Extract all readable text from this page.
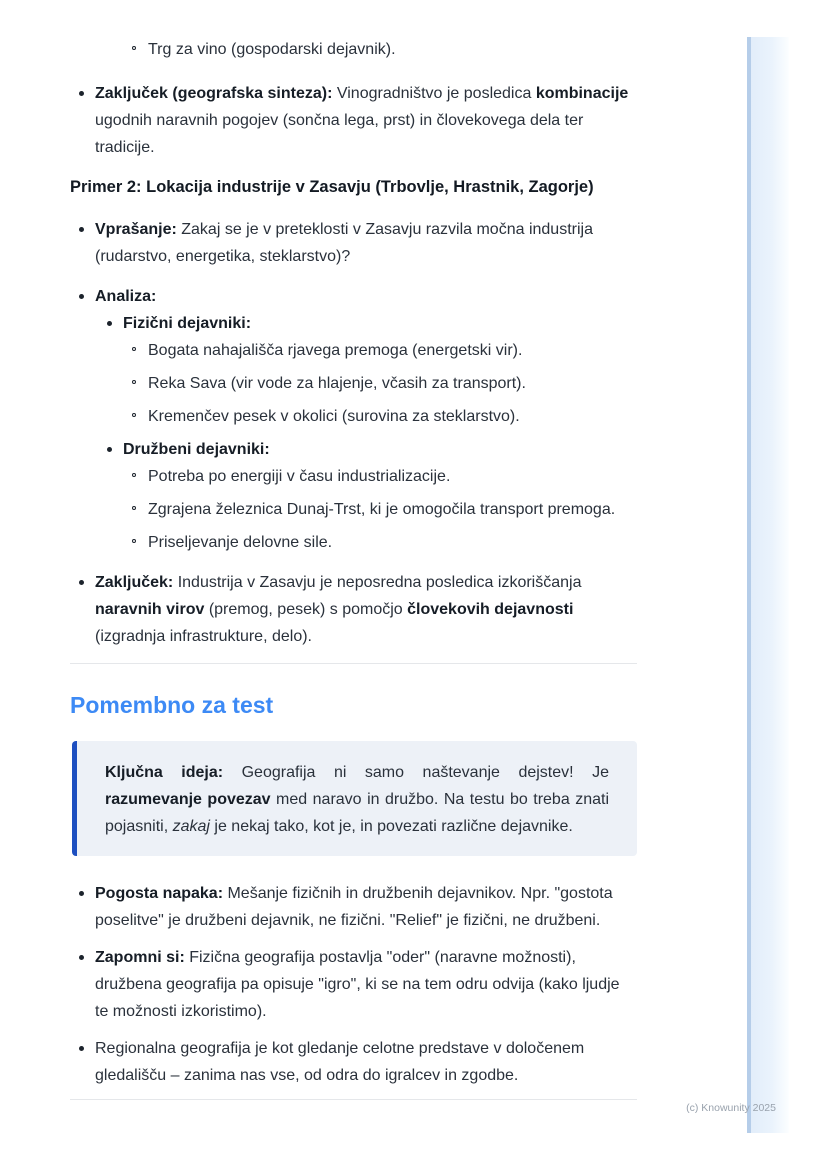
Trg za vino (gospodarski dejavnik).
Zaključek (geografska sinteza): Vinogradništvo je posledica kombinacije ugodnih naravnih pogojev (sončna lega, prst) in človekovega dela ter tradicije.
Primer 2: Lokacija industrije v Zasavju (Trbovlje, Hrastnik, Zagorje)
Vprašanje: Zakaj se je v preteklosti v Zasavju razvila močna industrija (rudarstvo, energetika, steklarstvo)?
Analiza:
Fizični dejavniki:
Bogata nahajališča rjavega premoga (energetski vir).
Reka Sava (vir vode za hlajenje, včasih za transport).
Kremenčev pesek v okolici (surovina za steklarstvo).
Družbeni dejavniki:
Potreba po energiji v času industrializacije.
Zgrajena železnica Dunaj-Trst, ki je omogočila transport premoga.
Priseljevanje delovne sile.
Zaključek: Industrija v Zasavju je neposredna posledica izkoriščanja naravnih virov (premog, pesek) s pomočjo človekovih dejavnosti (izgradnja infrastrukture, delo).
Pomembno za test
Ključna ideja: Geografija ni samo naštevanje dejstev! Je razumevanje povezav med naravo in družbo. Na testu bo treba znati pojasniti, zakaj je nekaj tako, kot je, in povezati različne dejavnike.
Pogosta napaka: Mešanje fizičnih in družbenih dejavnikov. Npr. "gostota poselitve" je družbeni dejavnik, ne fizični. "Relief" je fizični, ne družbeni.
Zapomni si: Fizična geografija postavlja "oder" (naravne možnosti), družbena geografija pa opisuje "igro", ki se na tem odru odvija (kako ljudje te možnosti izkoristimo).
Regionalna geografija je kot gledanje celotne predstave v določenem gledališču – zanima nas vse, od odra do igralcev in zgodbe.
(c) Knowunity 2025
